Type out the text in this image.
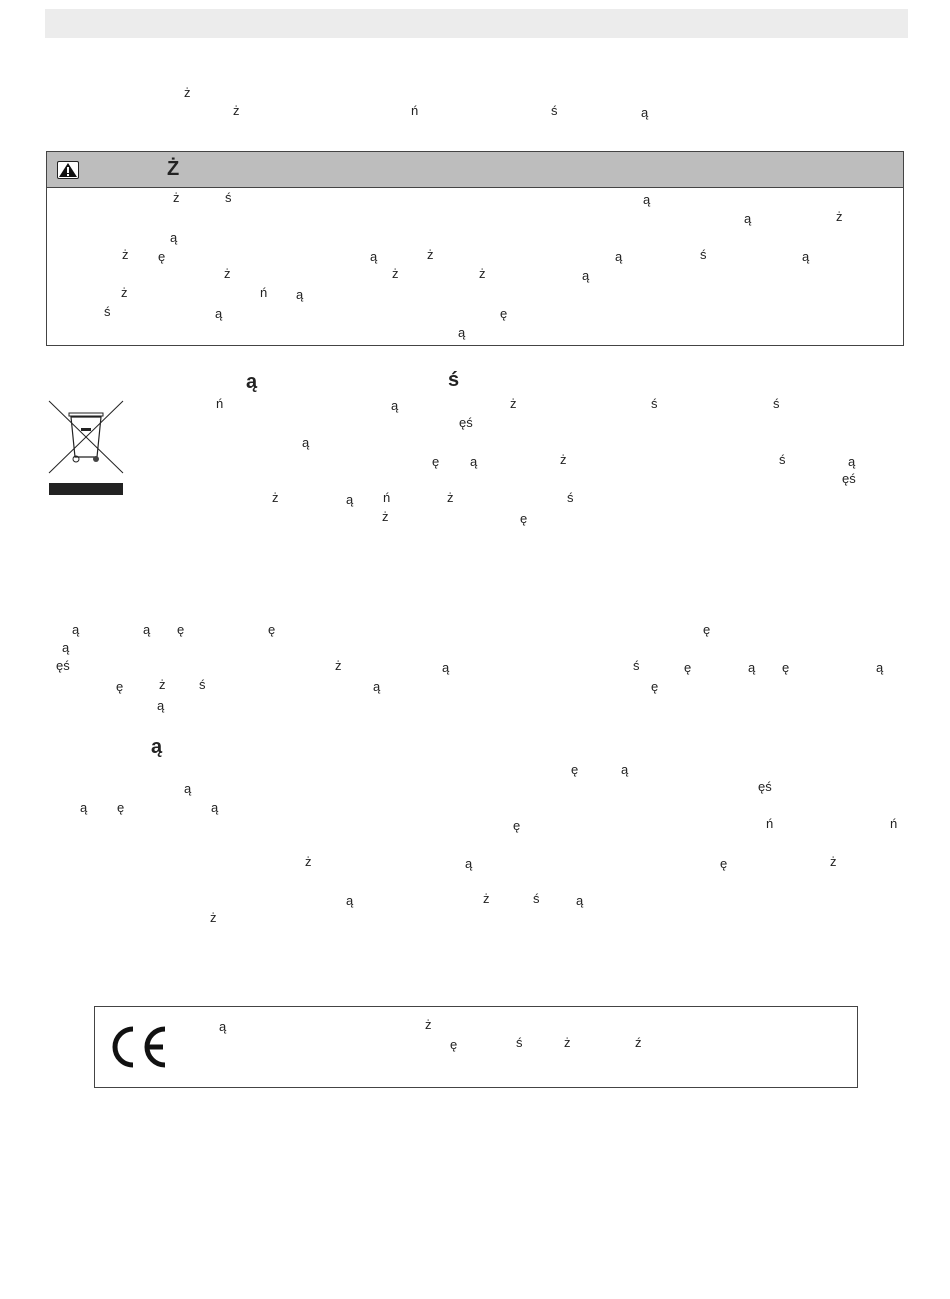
Ż
ż
ż	ń	ś	ą
ż	ś	ą
ą	ż
ą
ż ę	ą	ż	ą	ś	ą
ż	ż	ż	ą
ż	ń ą
ś	ą	ę
ą
ą	ś
ń	ą	ż	ś	ś
ęś
ą
ę ą	ż	ś	ą
ęś
ż	ą ń	ż	ś
ż	ę
ą	ą ę	ę	ę
ą
ęś	ż	ą	ś	ę	ą ę	ą
ę	ż	ś	ą	ę
ą
ę	ą
ą	ęś
ą ę	ą
ę	ń	ń
ż	ą	ę	ż
ą	ż	ś	ą
ż
ą	ż
ę	ś	ż	ź
ą
